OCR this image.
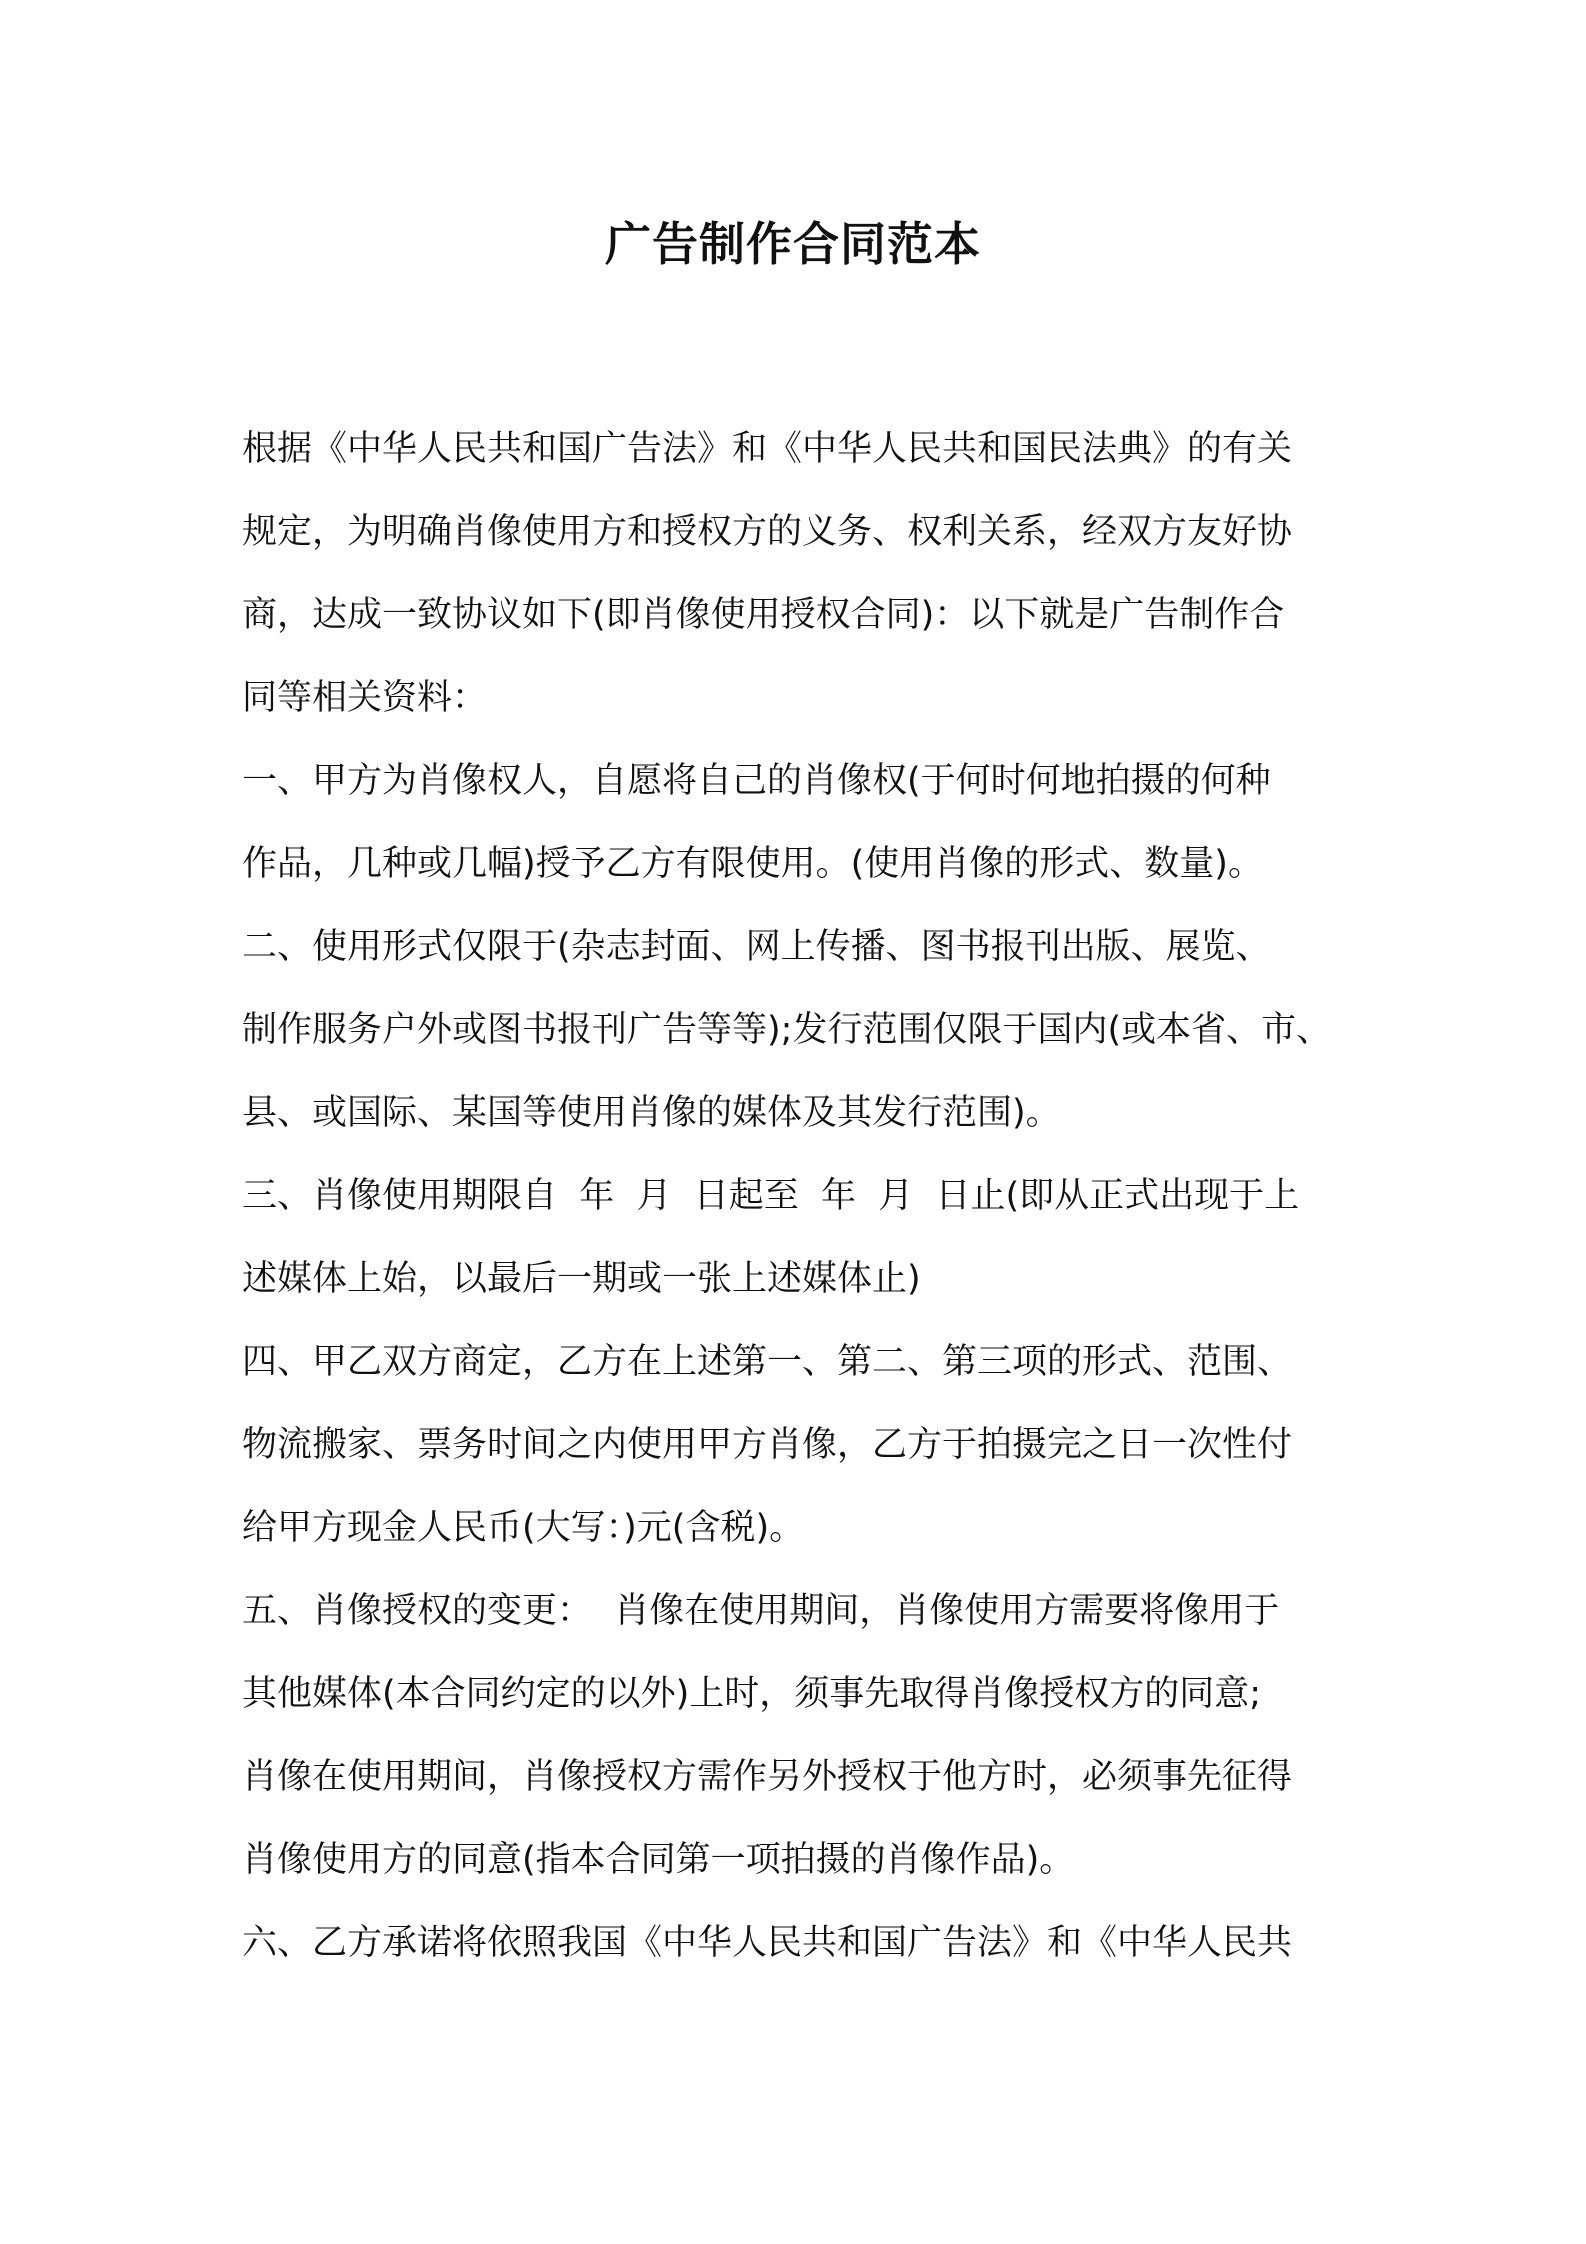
广告制作合同范本
根据《中华人民共和国广告法》和《中华人民共和国民法典》的有关
规定，为明确肖像使用方和授权方的义务、权利关系，经双方友好协
商，达成一致协议如下(即肖像使用授权合同)：以下就是广告制作合
同等相关资料：
一、甲方为肖像权人，自愿将自己的肖像权(于何时何地拍摄的何种
作品，几种或几幅)授予乙方有限使用。(使用肖像的形式、数量)。
二、使用形式仅限于(杂志封面、网上传播、图书报刊出版、展览、
制作服务户外或图书报刊广告等等);发行范围仅限于国内(或本省、市、
县、或国际、某国等使用肖像的媒体及其发行范围)。
三、肖像使用期限自  年  月  日起至  年  月  日止(即从正式出现于上
述媒体上始，以最后一期或一张上述媒体止)
四、甲乙双方商定，乙方在上述第一、第二、第三项的形式、范围、
物流搬家、票务时间之内使用甲方肖像，乙方于拍摄完之日一次性付
给甲方现金人民币(大写：)元(含税)。
五、肖像授权的变更：  肖像在使用期间，肖像使用方需要将像用于
其他媒体(本合同约定的以外)上时，须事先取得肖像授权方的同意;
肖像在使用期间，肖像授权方需作另外授权于他方时，必须事先征得
肖像使用方的同意(指本合同第一项拍摄的肖像作品)。
六、乙方承诺将依照我国《中华人民共和国广告法》和《中华人民共
